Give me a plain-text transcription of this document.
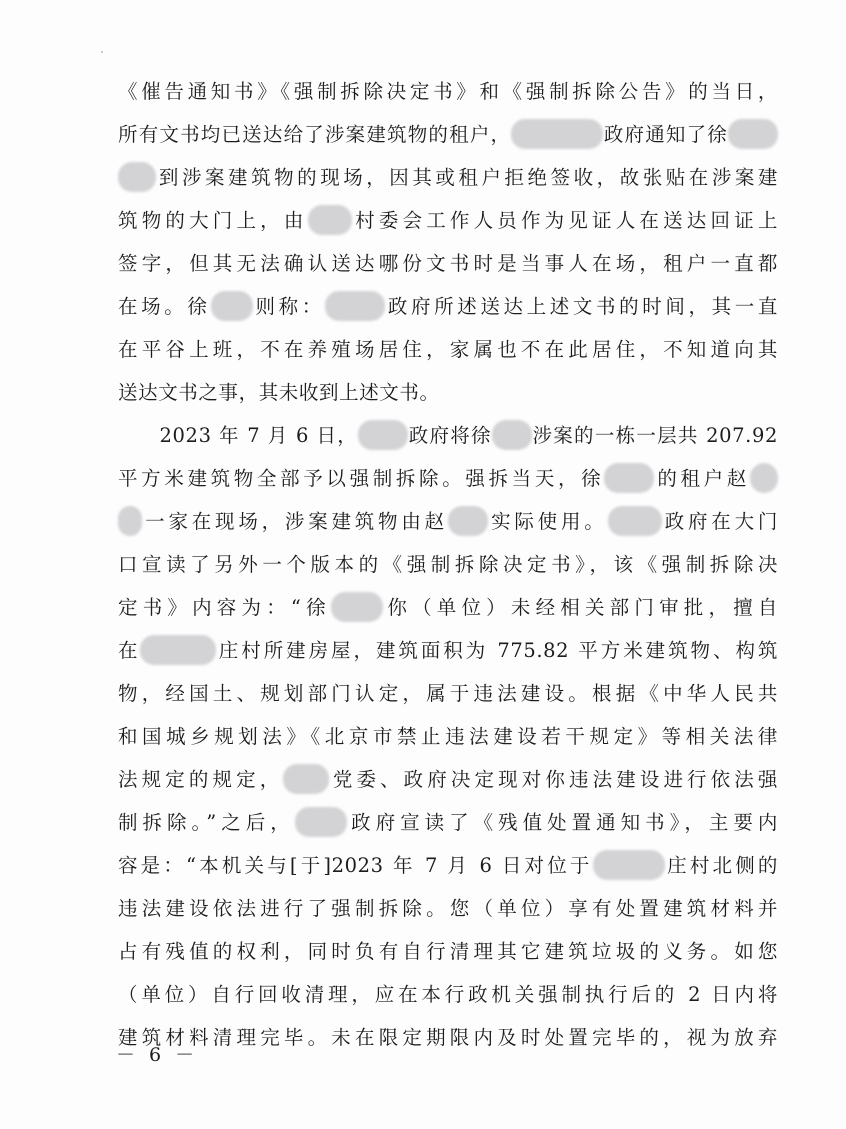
《催告通知书》《强制拆除决定书》和《强制拆除公告》的当日，
所有文书均已送达给了涉案建筑物的租户，	政府通知了徐
到涉案建筑物的现场，因其或租户拒绝签收，故张贴在涉案建
筑物的大门上，由 村委会工作人员作为见证人在送达回证上
签字，但其无法确认送达哪份文书时是当事人在场，租户一直都
在场。徐 则称：	政府所述送达上述文书的时间，其一直
在平谷上班，不在养殖场居住，家属也不在此居住，不知道向其
送达文书之事，其未收到上述文书。
　　2023 年 7 月 6 日，	政府将徐 涉案的一栋一层共 207.92
平方米建筑物全部予以强制拆除。强拆当天，徐	的租户赵
一家在现场，涉案建筑物由赵 实际使用。	政府在大门
口宣读了另外一个版本的《强制拆除决定书》，该《强制拆除决
定书》内容为：“徐	你（单位）未经相关部门审批，擅自
在	庄村所建房屋，建筑面积为 775.82 平方米建筑物、构筑
物，经国土、规划部门认定，属于违法建设。根据《中华人民共
和国城乡规划法》《北京市禁止违法建设若干规定》等相关法律
法规定的规定， 党委、政府决定现对你违法建设进行依法强
制拆除。”之后，	政府宣读了《残值处置通知书》，主要内
容是：“本机关与[于]2023 年 7 月 6 日对位于	庄村北侧的
违法建设依法进行了强制拆除。您（单位）享有处置建筑材料并
占有残值的权利，同时负有自行清理其它建筑垃圾的义务。如您
（单位）自行回收清理，应在本行政机关强制执行后的 2 日内将
建筑材料清理完毕。未在限定期限内及时处置完毕的，视为放弃
－ 6 －
